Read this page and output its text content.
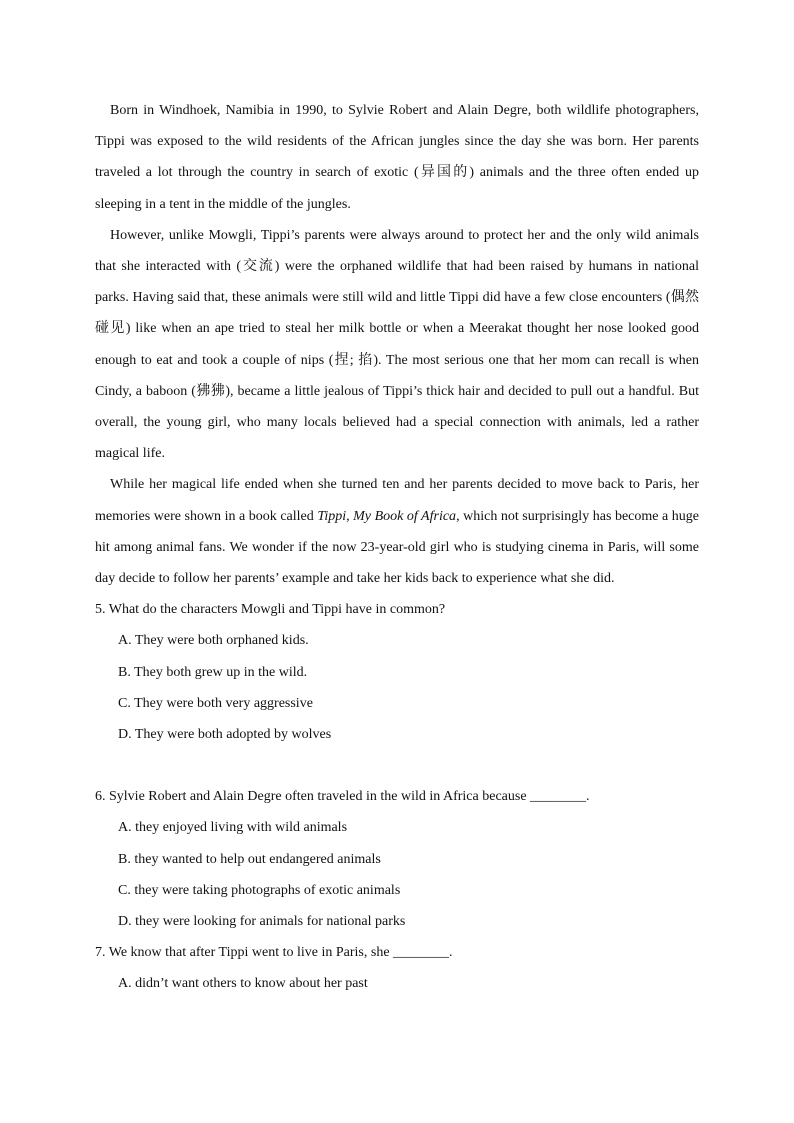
Born in Windhoek, Namibia in 1990, to Sylvie Robert and Alain Degre, both wildlife photographers, Tippi was exposed to the wild residents of the African jungles since the day she was born. Her parents traveled a lot through the country in search of exotic (异国的) animals and the three often ended up sleeping in a tent in the middle of the jungles.

However, unlike Mowgli, Tippi’s parents were always around to protect her and the only wild animals that she interacted with (交流) were the orphaned wildlife that had been raised by humans in national parks. Having said that, these animals were still wild and little Tippi did have a few close encounters (偶然碰见) like when an ape tried to steal her milk bottle or when a Meerakat thought her nose looked good enough to eat and took a couple of nips (捏; 掐). The most serious one that her mom can recall is when Cindy, a baboon (狒狒), became a little jealous of Tippi’s thick hair and decided to pull out a handful. But overall, the young girl, who many locals believed had a special connection with animals, led a rather magical life.

While her magical life ended when she turned ten and her parents decided to move back to Paris, her memories were shown in a book called Tippi, My Book of Africa, which not surprisingly has become a huge hit among animal fans. We wonder if the now 23-year-old girl who is studying cinema in Paris, will some day decide to follow her parents’ example and take her kids back to experience what she did.

5. What do the characters Mowgli and Tippi have in common?

A. They were both orphaned kids.

B. They both grew up in the wild.

C. They were both very aggressive

D. They were both adopted by wolves

6. Sylvie Robert and Alain Degre often traveled in the wild in Africa because ________.

A. they enjoyed living with wild animals

B. they wanted to help out endangered animals

C. they were taking photographs of exotic animals

D. they were looking for animals for national parks

7. We know that after Tippi went to live in Paris, she ________.

A. didn’t want others to know about her past
